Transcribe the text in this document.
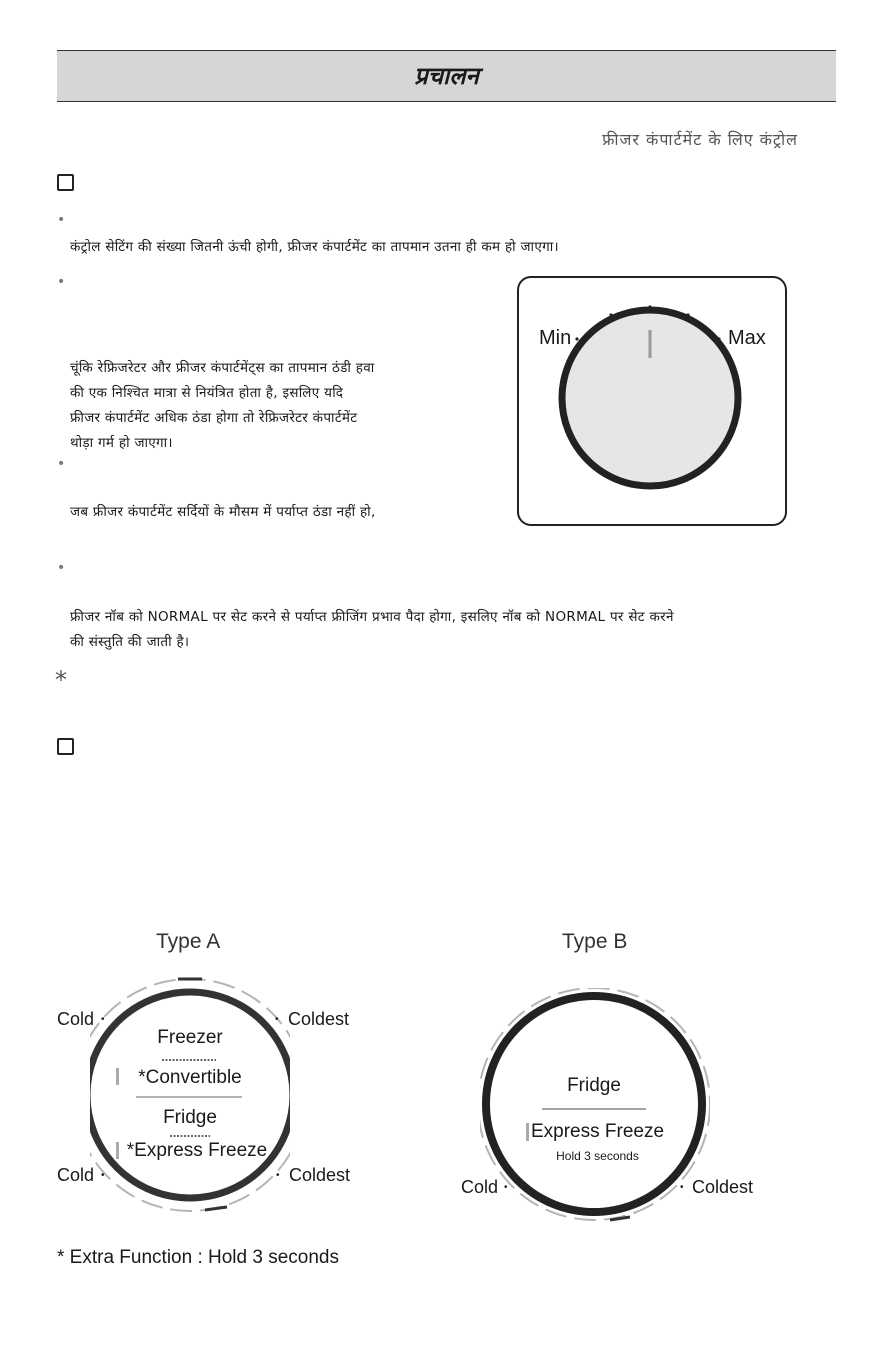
प्रचालन
फ्रीजर कंपार्टमेंट के लिए कंट्रोल
•
कंट्रोल सेटिंग की संख्या जितनी ऊंची होगी, फ्रीजर कंपार्टमेंट का तापमान उतना ही कम हो जाएगा।
•
चूंकि रेफ्रिजरेटर और फ्रीजर कंपार्टमेंट्स का तापमान ठंडी हवा
की एक निश्चित मात्रा से नियंत्रित होता है, इसलिए यदि
फ्रीजर कंपार्टमेंट अधिक ठंडा होगा तो रेफ्रिजरेटर कंपार्टमेंट
थोड़ा गर्म हो जाएगा।
•
जब फ्रीजर कंपार्टमेंट सर्दियों के मौसम में पर्याप्त ठंडा नहीं हो,
Min	Max
•
फ्रीजर नॉब को NORMAL पर सेट करने से पर्याप्त फ्रीजिंग प्रभाव पैदा होगा, इसलिए नॉब को NORMAL पर सेट करने
की संस्तुति की जाती है।
*
Type A
Freezer
*Convertible
Fridge
*Express Freeze
Cold •	• Coldest
Cold •	• Coldest
Type B
Fridge
Express Freeze
Hold 3 seconds
Cold •	• Coldest
* Extra Function : Hold 3 seconds
